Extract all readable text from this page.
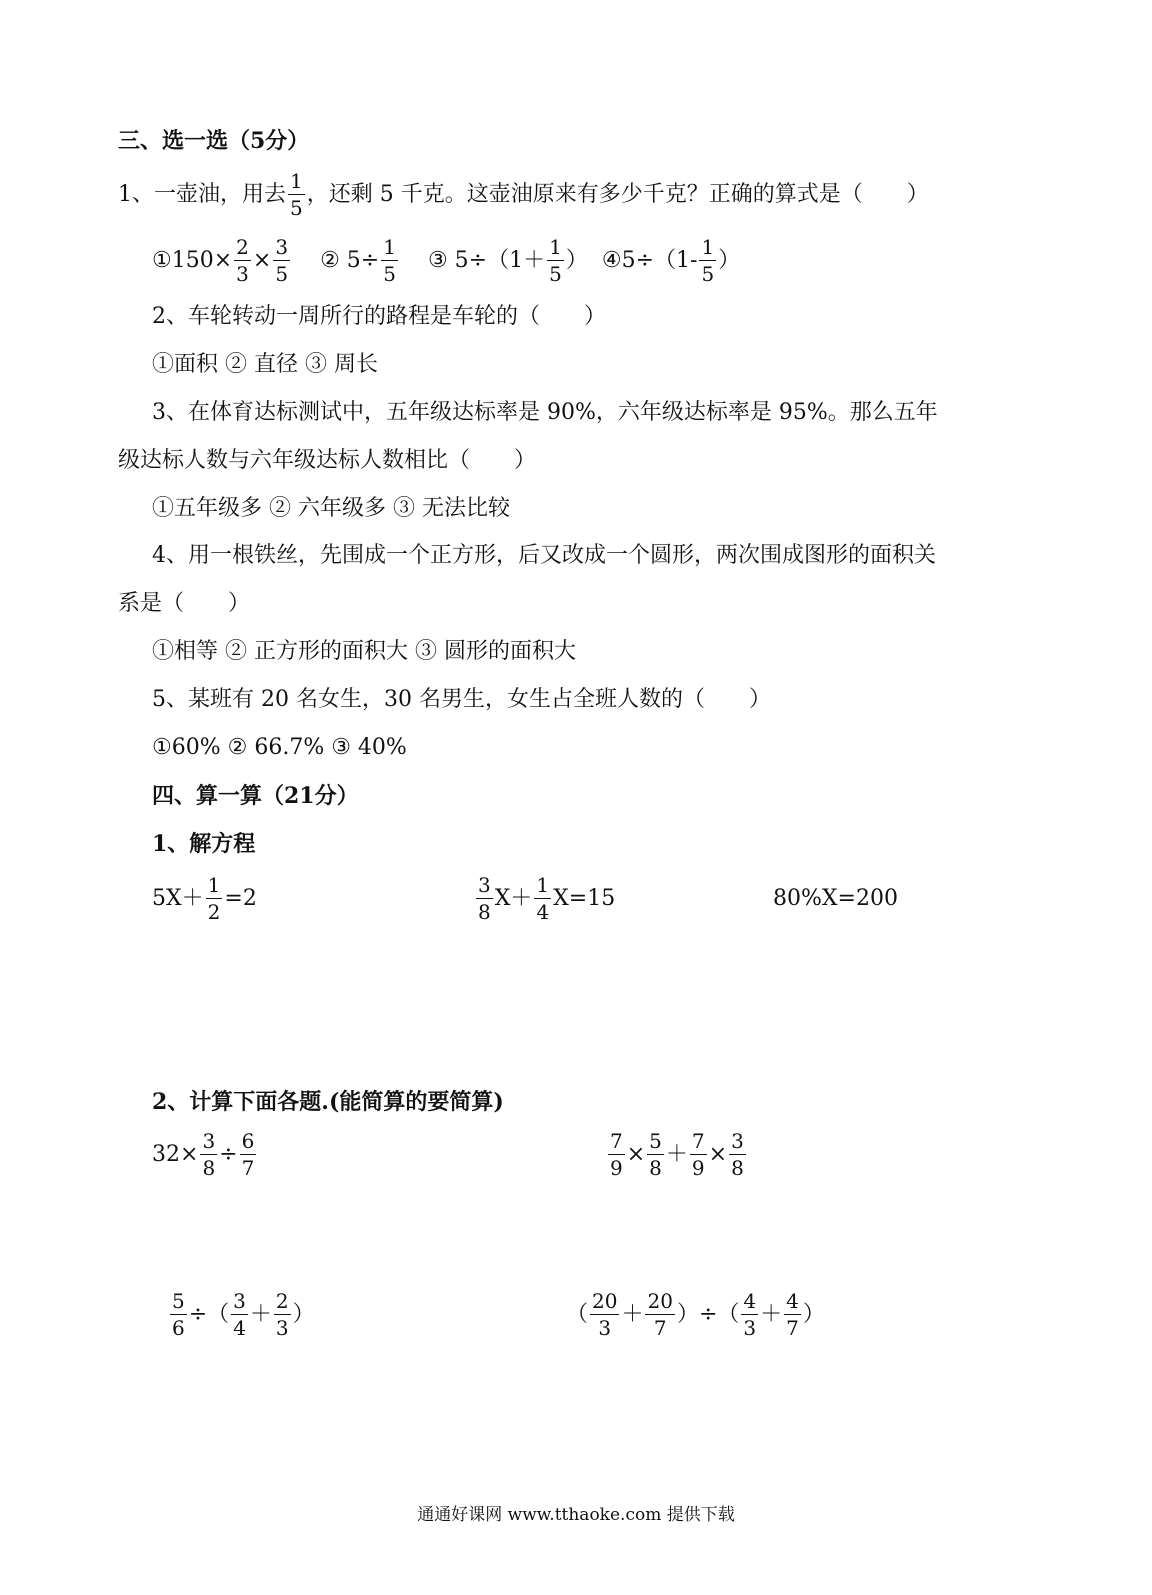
三、选一选（5分）
1、一壶油，用去 $\frac{1}{5}$ ，还剩 5 千克。这壶油原来有多少千克？正确的算式是（　　）
①150× $\frac{2}{3} \times \frac{3}{5}$ ② $5\div \frac{1}{5}$ ③ $5\div(1+ \frac{1}{5}$ ） ④5÷（1- $\frac{1}{5}$ ）
2、车轮转动一周所行的路程是车轮的（　　）
①面积 ② 直径 ③ 周长
3、在体育达标测试中，五年级达标率是 90%，六年级达标率是 95%。那么五年
级达标人数与六年级达标人数相比（　　）
①五年级多 ② 六年级多 ③ 无法比较
4、用一根铁丝，先围成一个正方形，后又改成一个圆形，两次围成图形的面积关
系是（　　）
①相等 ② 正方形的面积大 ③ 圆形的面积大
5、某班有 20 名女生，30 名男生，女生占全班人数的（　　）
①60% ② 66.7% ③ 40%
四、算一算（21分）
1、解方程
$5X+ \frac{1}{2} =2$	$\frac{3}{8} X+ \frac{1}{4} X=15$	80%X=200
2、计算下面各题.(能简算的要简算)
$32\times \frac{3}{8} \div \frac{6}{7}$	$\frac{7}{9} \times \frac{5}{8} + \frac{7}{9} \times \frac{3}{8}$
$\frac{5}{6}$ ÷（ $\frac{3}{4} + \frac{2}{3}$ ）	（ $\frac{20}{3} + \frac{20}{7}$ ）÷（ $\frac{4}{3} + \frac{4}{7}$ ）
通通好课网 www.tthaoke.com 提供下载
